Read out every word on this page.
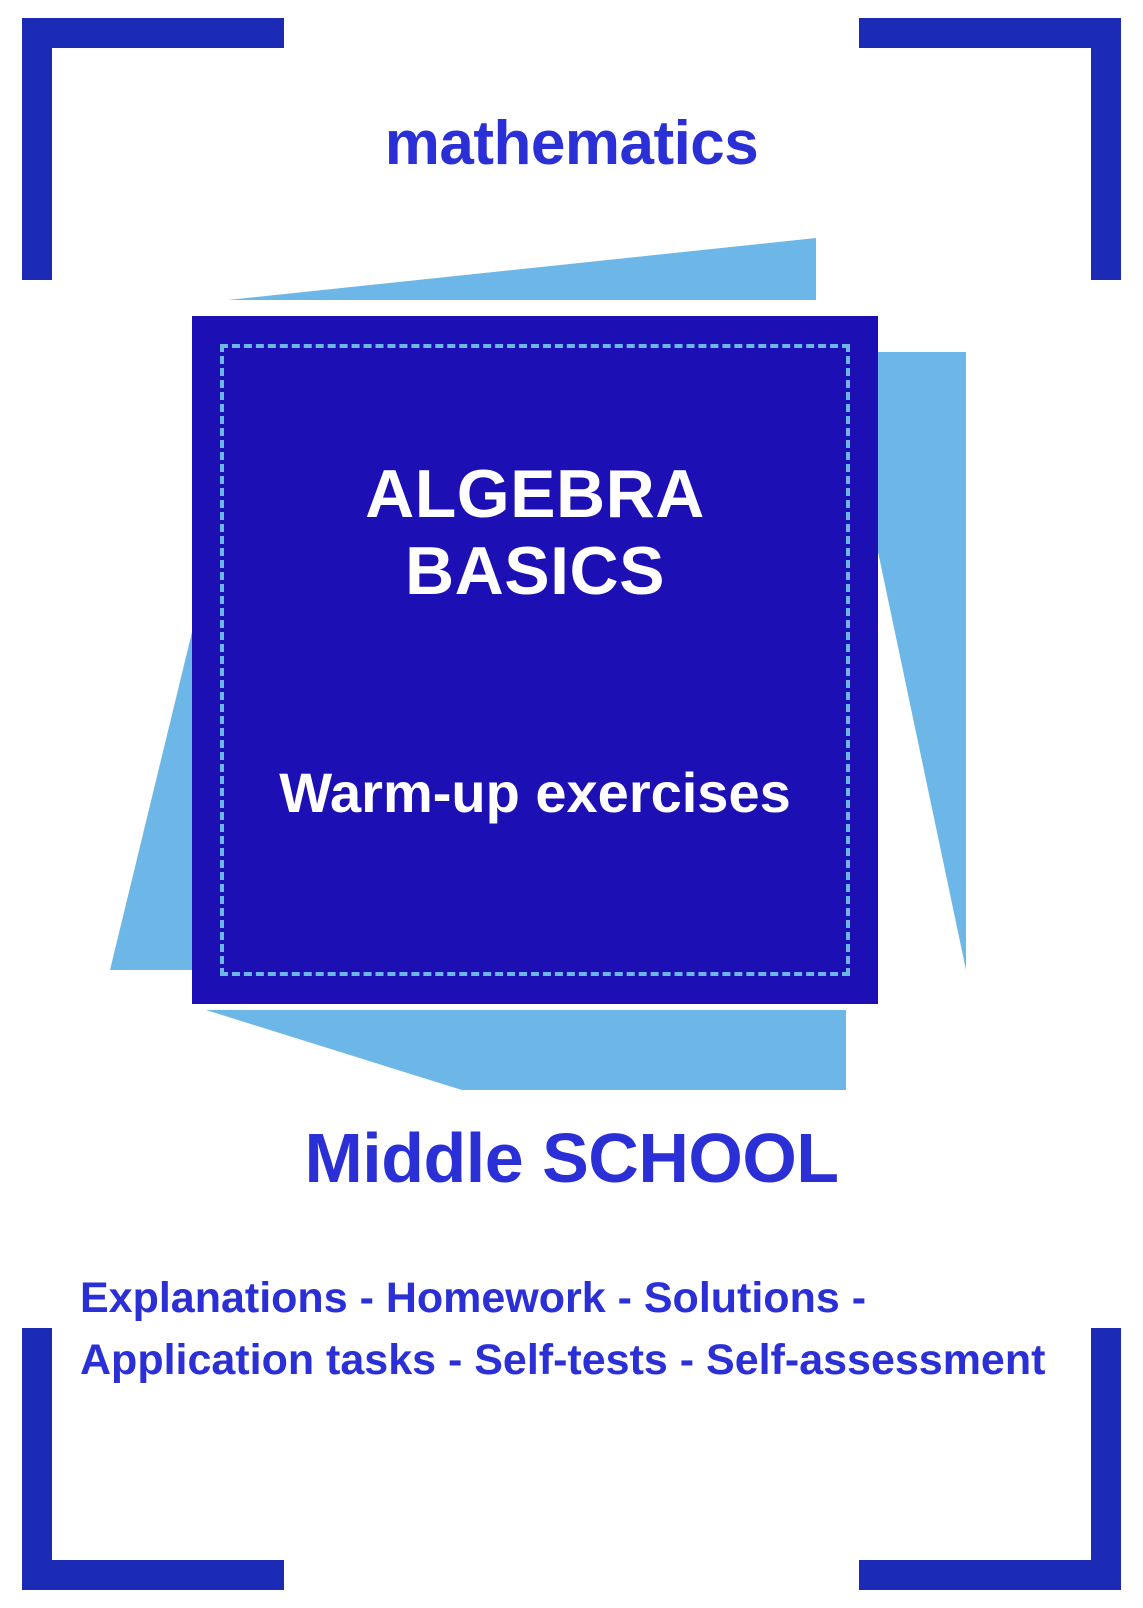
mathematics
ALGEBRA BASICS
Warm-up exercises
Middle SCHOOL
Explanations - Homework - Solutions - Application tasks - Self-tests - Self-assessment
